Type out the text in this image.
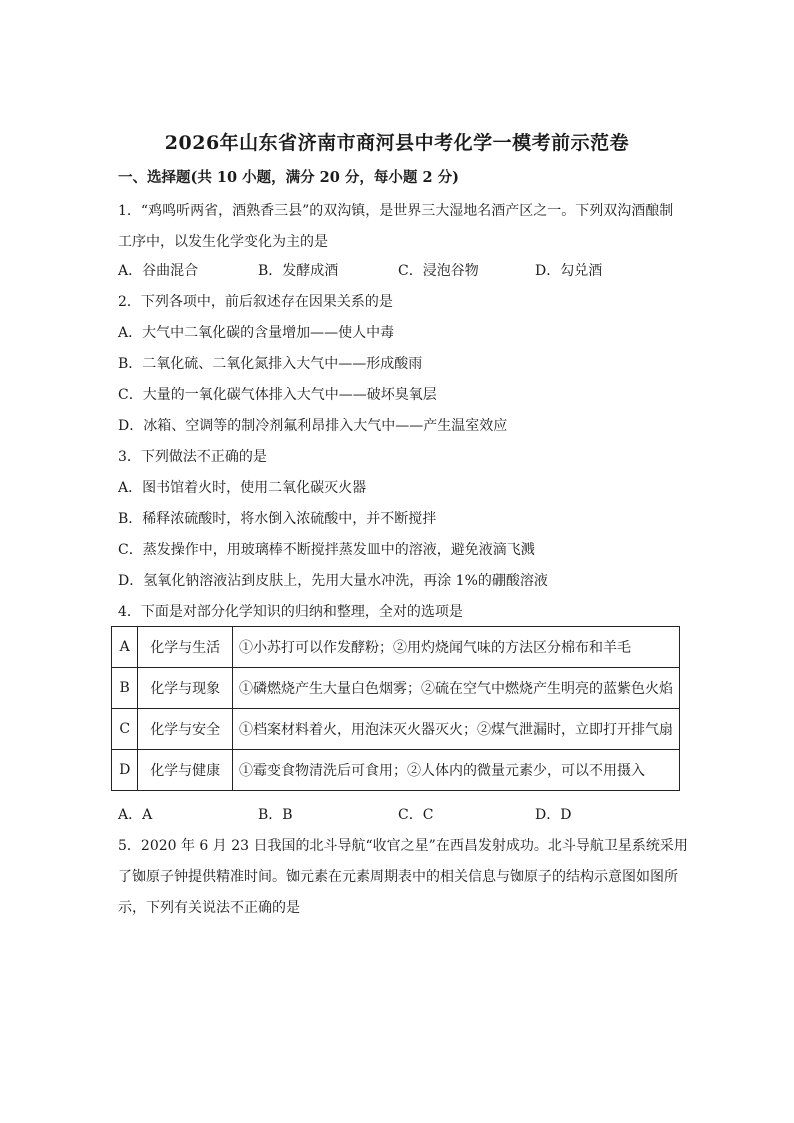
2026年山东省济南市商河县中考化学一模考前示范卷
一、选择题(共 10 小题，满分 20 分，每小题 2 分)
1．“鸡鸣听两省，酒熟香三县”的双沟镇，是世界三大湿地名酒产区之一。下列双沟酒酿制
工序中，以发生化学变化为主的是
A．谷曲混合	B．发酵成酒	C．浸泡谷物	D．勾兑酒
2．下列各项中，前后叙述存在因果关系的是
A．大气中二氧化碳的含量增加——使人中毒
B．二氧化硫、二氧化氮排入大气中——形成酸雨
C．大量的一氧化碳气体排入大气中——破坏臭氧层
D．冰箱、空调等的制冷剂氟利昂排入大气中——产生温室效应
3．下列做法不正确的是
A．图书馆着火时，使用二氧化碳灭火器
B．稀释浓硫酸时，将水倒入浓硫酸中，并不断搅拌
C．蒸发操作中，用玻璃棒不断搅拌蒸发皿中的溶液，避免液滴飞溅
D．氢氧化钠溶液沾到皮肤上，先用大量水冲洗，再涂 1%的硼酸溶液
4．下面是对部分化学知识的归纳和整理，全对的选项是
A	化学与生活	①小苏打可以作发酵粉；②用灼烧闻气味的方法区分棉布和羊毛
B	化学与现象	①磷燃烧产生大量白色烟雾；②硫在空气中燃烧产生明亮的蓝紫色火焰
C	化学与安全	①档案材料着火，用泡沫灭火器灭火；②煤气泄漏时，立即打开排气扇
D	化学与健康	①霉变食物清洗后可食用；②人体内的微量元素少，可以不用摄入
A．A	B．B	C．C	D．D
5．2020 年 6 月 23 日我国的北斗导航“收官之星”在西昌发射成功。北斗导航卫星系统采用
了铷原子钟提供精准时间。铷元素在元素周期表中的相关信息与铷原子的结构示意图如图所
示，下列有关说法不正确的是
